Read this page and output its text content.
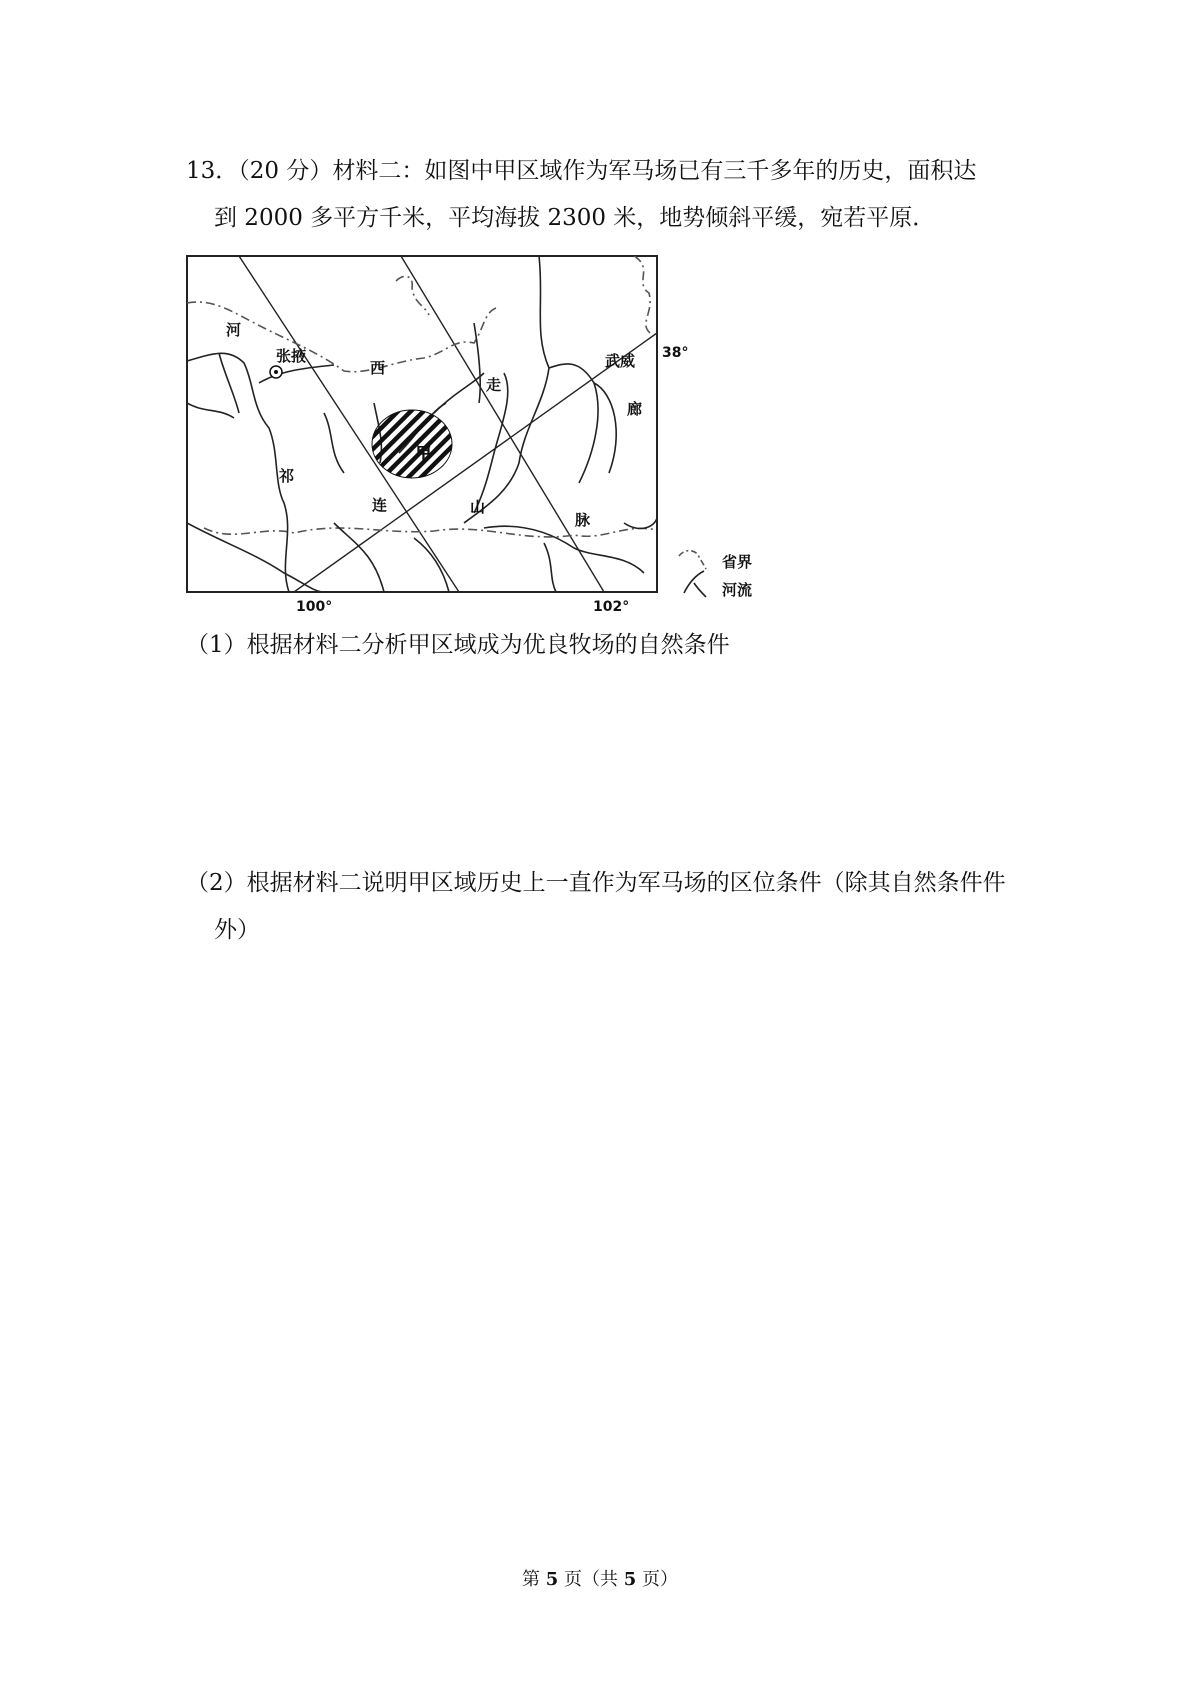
13．（20 分）材料二：如图中甲区域作为军马场已有三千多年的历史，面积达
到 2000 多平方千米，平均海拔 2300 米，地势倾斜平缓，宛若平原．
河
张掖
西
走
武威
廊
祁
甲
连	山
脉
38°
100°	102°
省界
河流
（1）根据材料二分析甲区域成为优良牧场的自然条件
（2）根据材料二说明甲区域历史上一直作为军马场的区位条件（除其自然条件件
外）
第 5 页（共 5 页）
